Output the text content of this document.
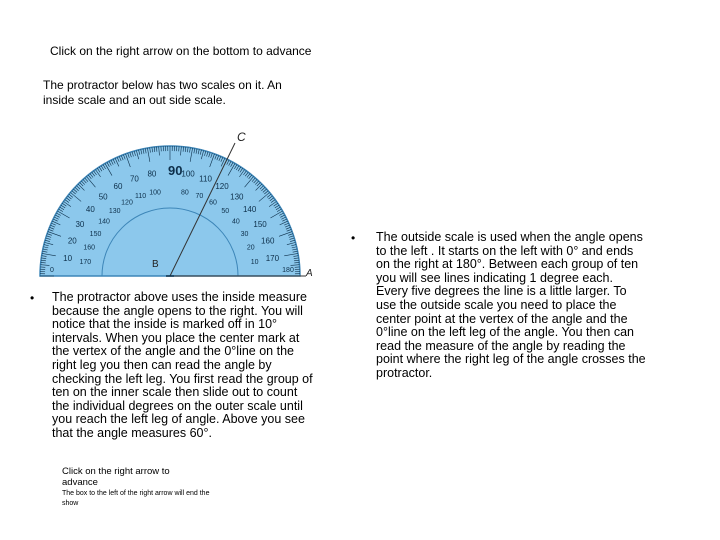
Click on the right arrow on the bottom to advance
The protractor below has two scales on it. An inside scale and an out side scale.
10
20
30
40
50
60
70
80	100
110
120
130
140
150
160
170
0	180
170
160
150
140
130
120
110
100	80
70
60
50
40
30
20
10
90
C
B
A
• The protractor above uses the inside measure because the angle opens to the right. You will notice that the inside is marked off in 10° intervals. When you place the center mark at the vertex of the angle and the 0°line on the right leg you then can read the angle by checking the left leg. You first read the group of ten on the inner scale then slide out to count the individual degrees on the outer scale until you reach the left leg of angle. Above you see that the angle measures 60°.
• The outside scale is used when the angle opens to the left . It starts on the left with 0° and ends on the right at 180°. Between each group of ten you will see lines indicating 1 degree each. Every five degrees the line is a little larger. To use the outside scale you need to place the center point at the vertex of the angle and the 0°line on the left leg of the angle. You then can read the measure of the angle by reading the point where the right leg of the angle crosses the protractor.
Click on the right arrow to advance
The box to the left of the right arrow will end the show
